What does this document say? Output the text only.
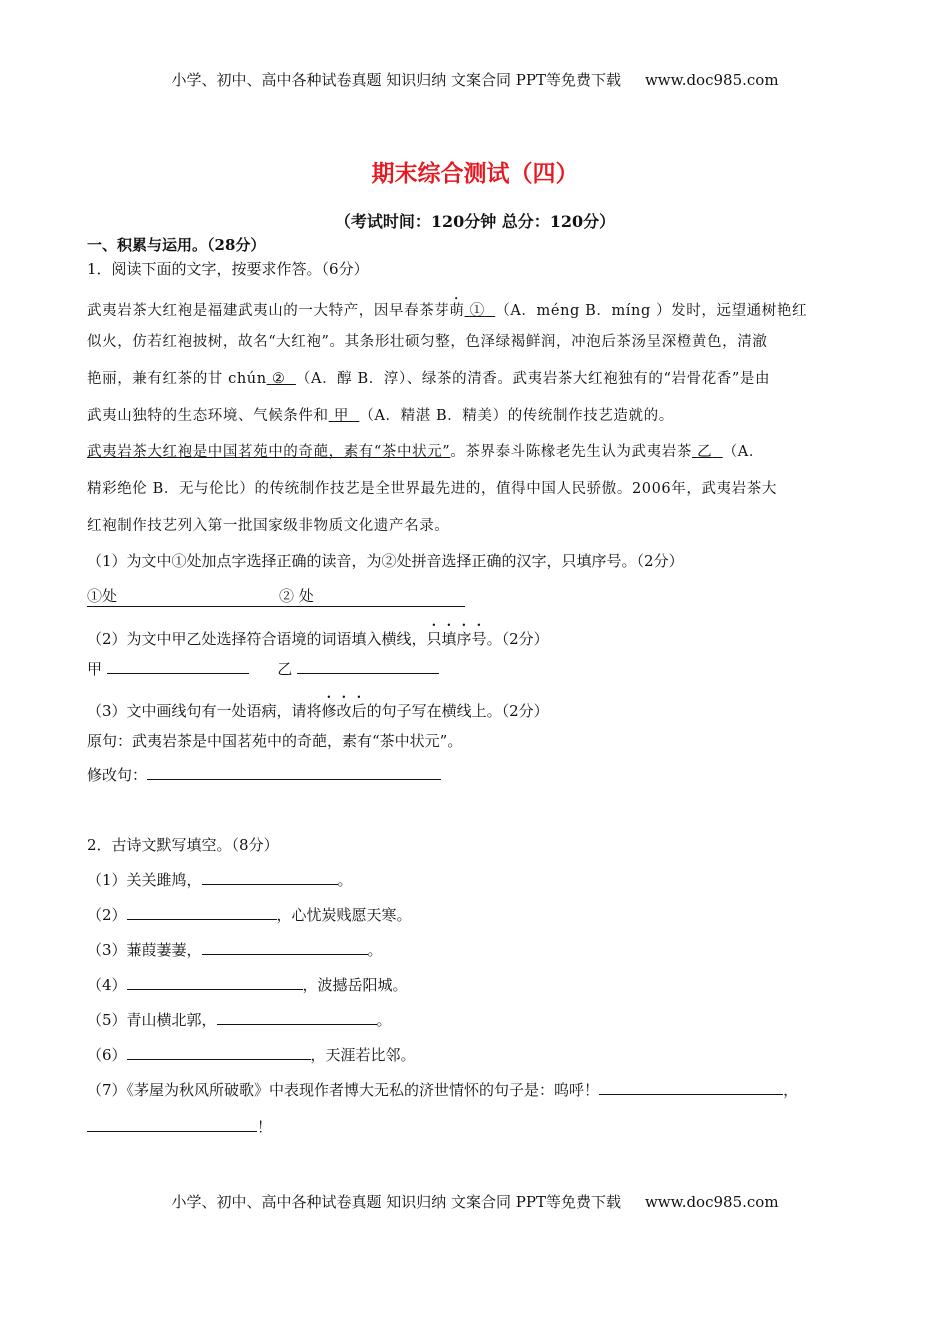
小学、初中、高中各种试卷真题 知识归纳 文案合同 PPT等免费下载 www.doc985.com
期末综合测试（四）
（考试时间：120分钟 总分：120分）
一、积累与运用。（28分）
1．阅读下面的文字，按要求作答。（6分）
武夷岩茶大红袍是福建武夷山的一大特产，因早春茶芽萌 ① （A．méng B．míng ）发时，远望通树艳红
似火，仿若红袍披树，故名“大红袍”。其条形壮硕匀整，色泽绿褐鲜润，冲泡后茶汤呈深橙黄色，清澈
艳丽，兼有红茶的甘 chún ② （A．醇 B．淳）、绿茶的清香。武夷岩茶大红袍独有的“岩骨花香”是由
武夷山独特的生态环境、气候条件和 甲 （A．精湛 B．精美）的传统制作技艺造就的。
武夷岩茶大红袍是中国茗苑中的奇葩，素有“茶中状元”。茶界泰斗陈椽老先生认为武夷岩茶 乙 （A．
精彩绝伦 B．无与伦比）的传统制作技艺是全世界最先进的，值得中国人民骄傲。2006年，武夷岩茶大
红袍制作技艺列入第一批国家级非物质文化遗产名录。
（1）为文中①处加点字选择正确的读音，为②处拼音选择正确的汉字，只填序号。（2分）
①处	② 处
（2）为文中甲乙处选择符合语境的词语填入横线，只填序号。（2分）
甲	乙
（3）文中画线句有一处语病，请将修改后的句子写在横线上。（2分）
原句：武夷岩茶是中国茗苑中的奇葩，素有“茶中状元”。
修改句：
2．古诗文默写填空。（8分）
（1）关关雎鸠，	。
（2）	，心忧炭贱愿天寒。
（3）蒹葭萋萋，	。
（4）	，波撼岳阳城。
（5）青山横北郭，	。
（6）	，天涯若比邻。
（7）《茅屋为秋风所破歌》中表现作者博大无私的济世情怀的句子是：呜呼！	，
！
小学、初中、高中各种试卷真题 知识归纳 文案合同 PPT等免费下载 www.doc985.com
